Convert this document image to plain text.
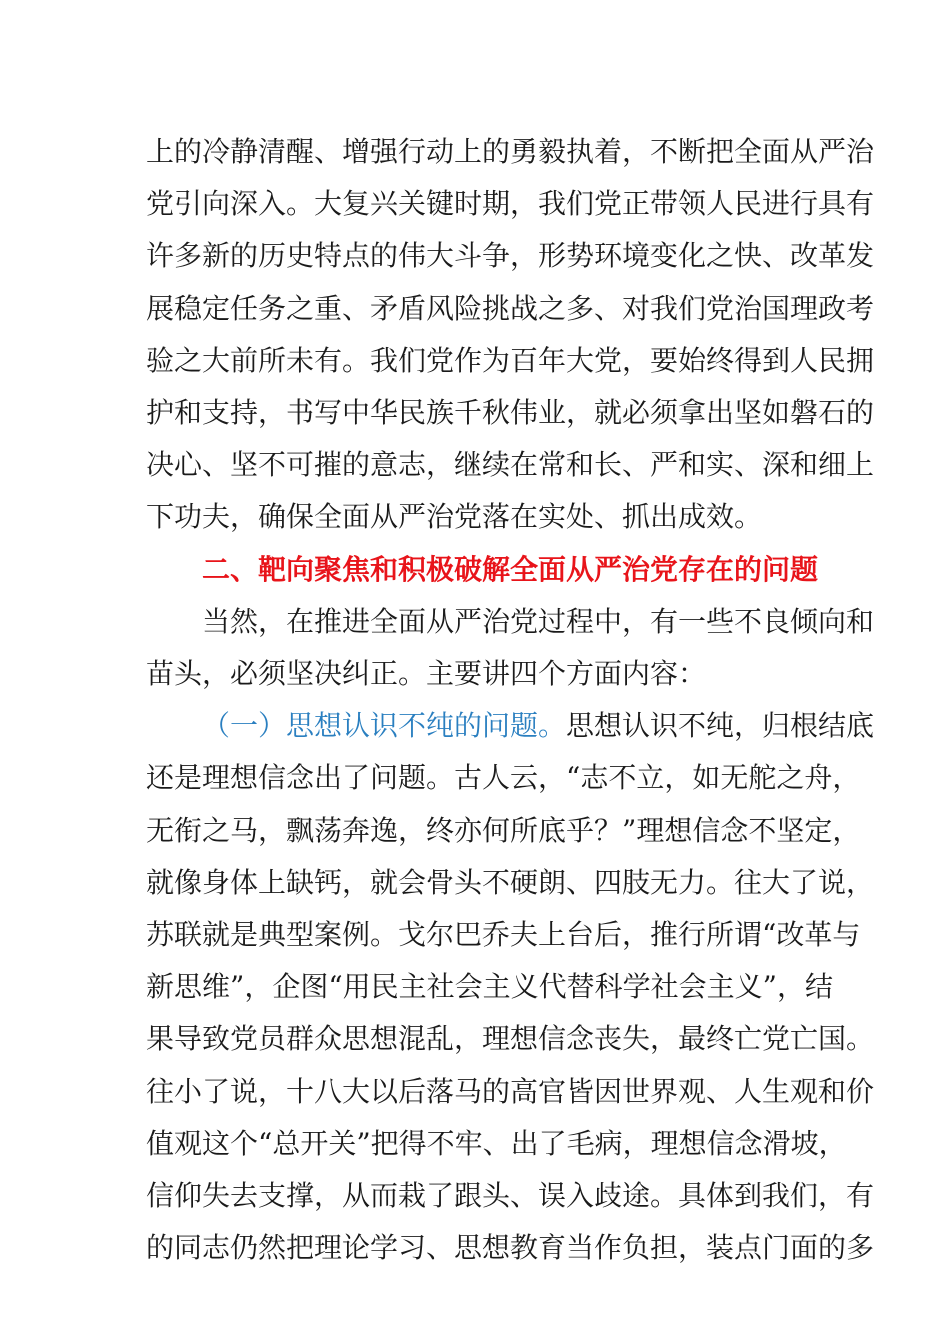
上的冷静清醒、增强行动上的勇毅执着，不断把全面从严治
党引向深入。大复兴关键时期，我们党正带领人民进行具有
许多新的历史特点的伟大斗争，形势环境变化之快、改革发
展稳定任务之重、矛盾风险挑战之多、对我们党治国理政考
验之大前所未有。我们党作为百年大党，要始终得到人民拥
护和支持，书写中华民族千秋伟业，就必须拿出坚如磐石的
决心、坚不可摧的意志，继续在常和长、严和实、深和细上
下功夫，确保全面从严治党落在实处、抓出成效。
二、靶向聚焦和积极破解全面从严治党存在的问题
当然，在推进全面从严治党过程中，有一些不良倾向和
苗头，必须坚决纠正。主要讲四个方面内容：
（一）思想认识不纯的问题。思想认识不纯，归根结底
还是理想信念出了问题。古人云，“志不立，如无舵之舟，
无衔之马，飘荡奔逸，终亦何所底乎？”理想信念不坚定，
就像身体上缺钙，就会骨头不硬朗、四肢无力。往大了说，
苏联就是典型案例。戈尔巴乔夫上台后，推行所谓“改革与
新思维”，企图“用民主社会主义代替科学社会主义”，结
果导致党员群众思想混乱，理想信念丧失，最终亡党亡国。
往小了说，十八大以后落马的高官皆因世界观、人生观和价
值观这个“总开关”把得不牢、出了毛病，理想信念滑坡，
信仰失去支撑，从而栽了跟头、误入歧途。具体到我们，有
的同志仍然把理论学习、思想教育当作负担，装点门面的多
